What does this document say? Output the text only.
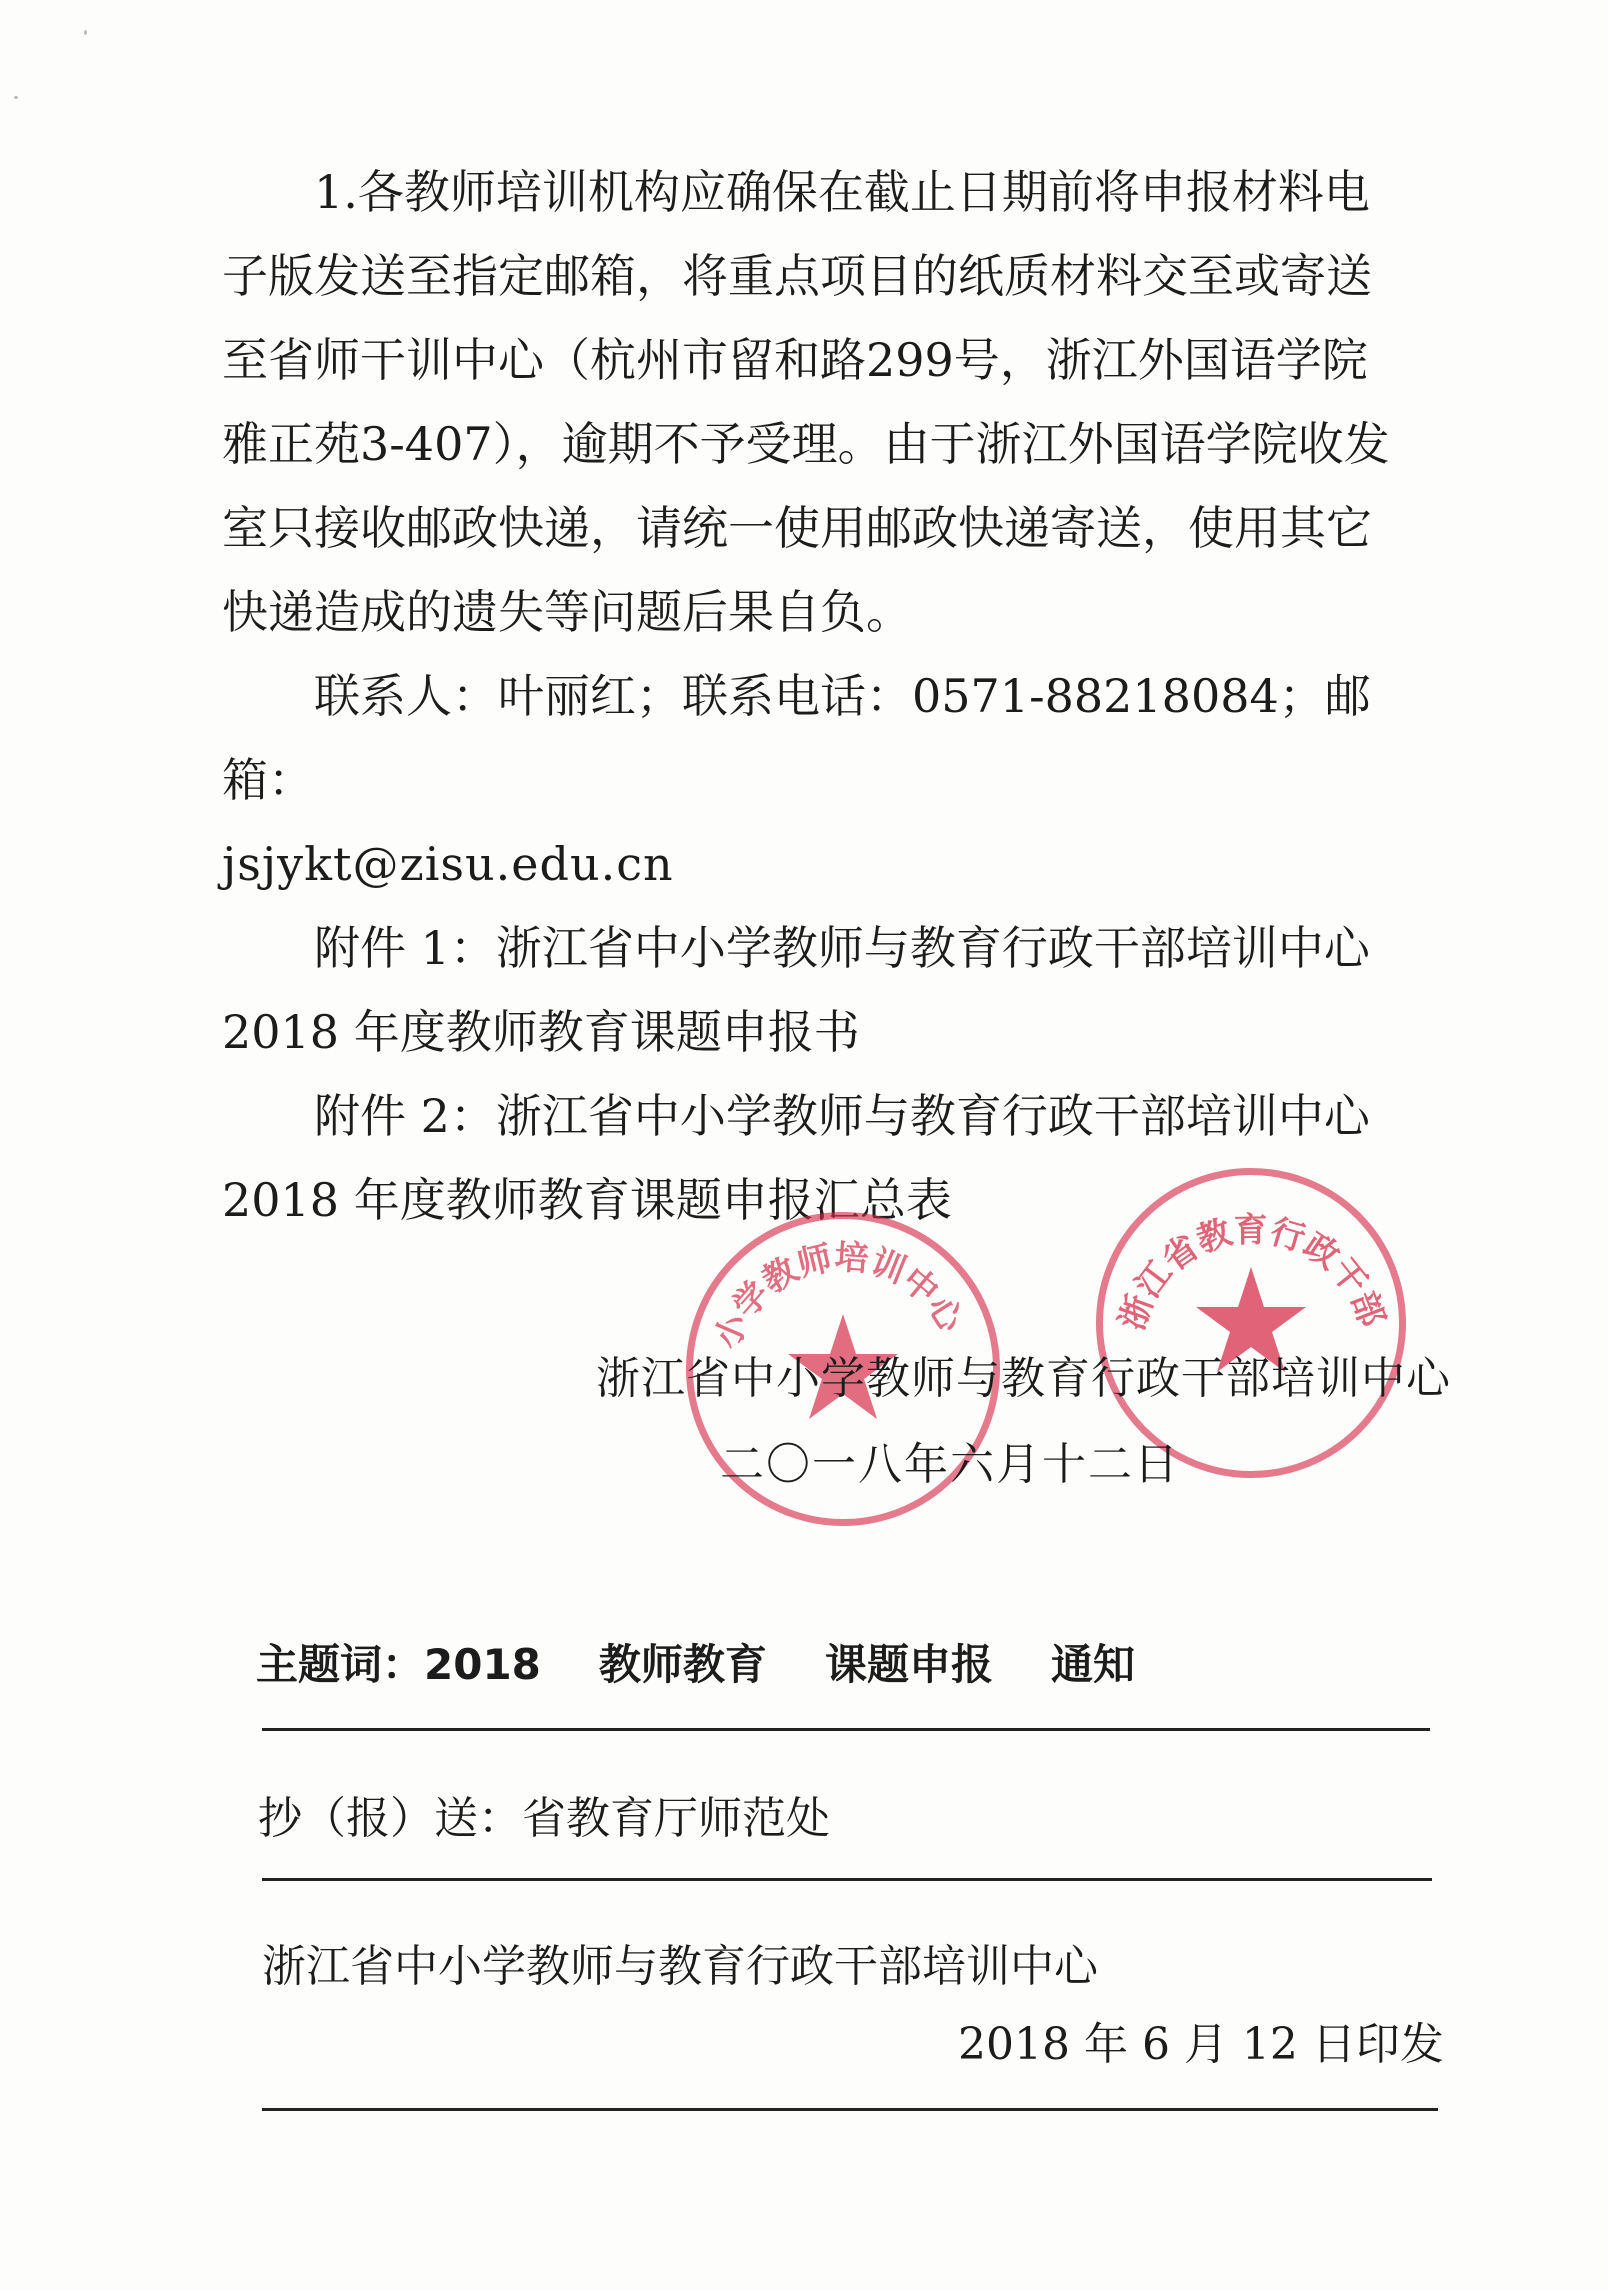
1.各教师培训机构应确保在截止日期前将申报材料电子版发送至指定邮箱，将重点项目的纸质材料交至或寄送至省师干训中心（杭州市留和路299号，浙江外国语学院雅正苑3-407），逾期不予受理。由于浙江外国语学院收发室只接收邮政快递，请统一使用邮政快递寄送，使用其它快递造成的遗失等问题后果自负。

联系人：叶丽红；联系电话：0571-88218084；邮箱：

jsjykt@zisu.edu.cn

附件 1：浙江省中小学教师与教育行政干部培训中心 2018 年度教师教育课题申报书

附件 2：浙江省中小学教师与教育行政干部培训中心 2018 年度教师教育课题申报汇总表

小学教师培训中心	浙江省教育行政干部
浙江省中小学教师与教育行政干部培训中心
二〇一八年六月十二日
主题词：2018 教师教育 课题申报 通知
抄（报）送：省教育厅师范处
浙江省中小学教师与教育行政干部培训中心
2018 年 6 月 12 日印发
